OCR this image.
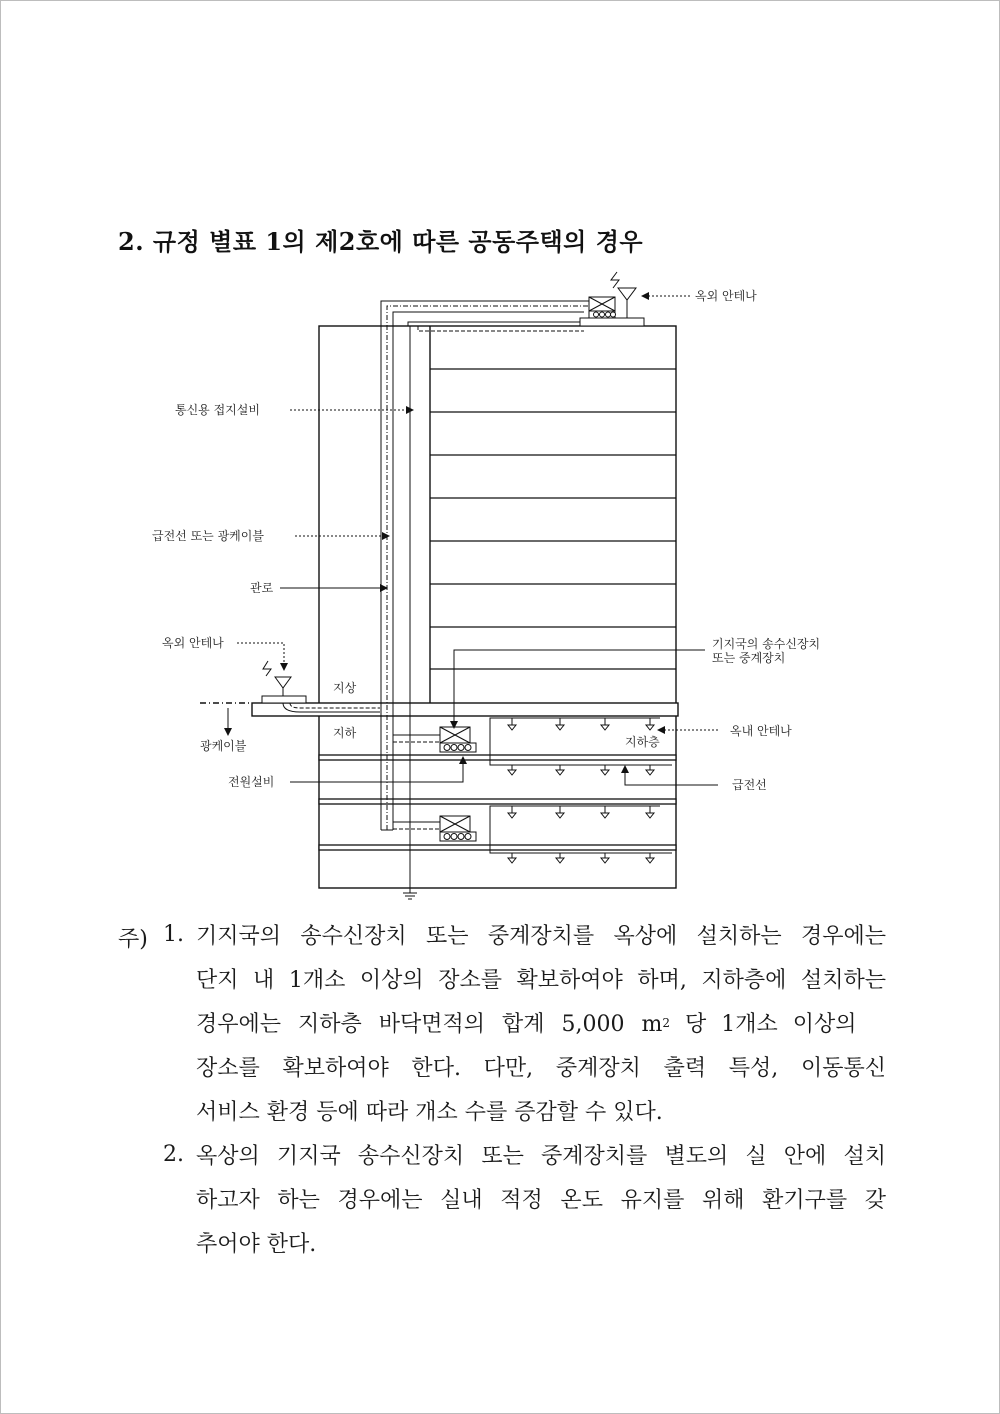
2. 규정 별표 1의 제2호에 따른 공동주택의 경우
옥외 안테나
통신용 접지설비
급전선 또는 광케이블
관로
옥외 안테나
지상
지하
광케이블
전원설비
기지국의 송수신장치
또는 중계장치
옥내 안테나
지하층
급전선
주) 1. 기지국의 송수신장치 또는 중계장치를 옥상에 설치하는 경우에는
단지 내 1개소 이상의 장소를 확보하여야 하며, 지하층에 설치하는
경우에는 지하층 바닥면적의 합계 5,000 $m^2$ 당 1개소 이상의
장소를 확보하여야 한다. 다만, 중계장치 출력 특성, 이동통신
서비스 환경 등에 따라 개소 수를 증감할 수 있다.
2. 옥상의 기지국 송수신장치 또는 중계장치를 별도의 실 안에 설치
하고자 하는 경우에는 실내 적정 온도 유지를 위해 환기구를 갖
추어야 한다.
